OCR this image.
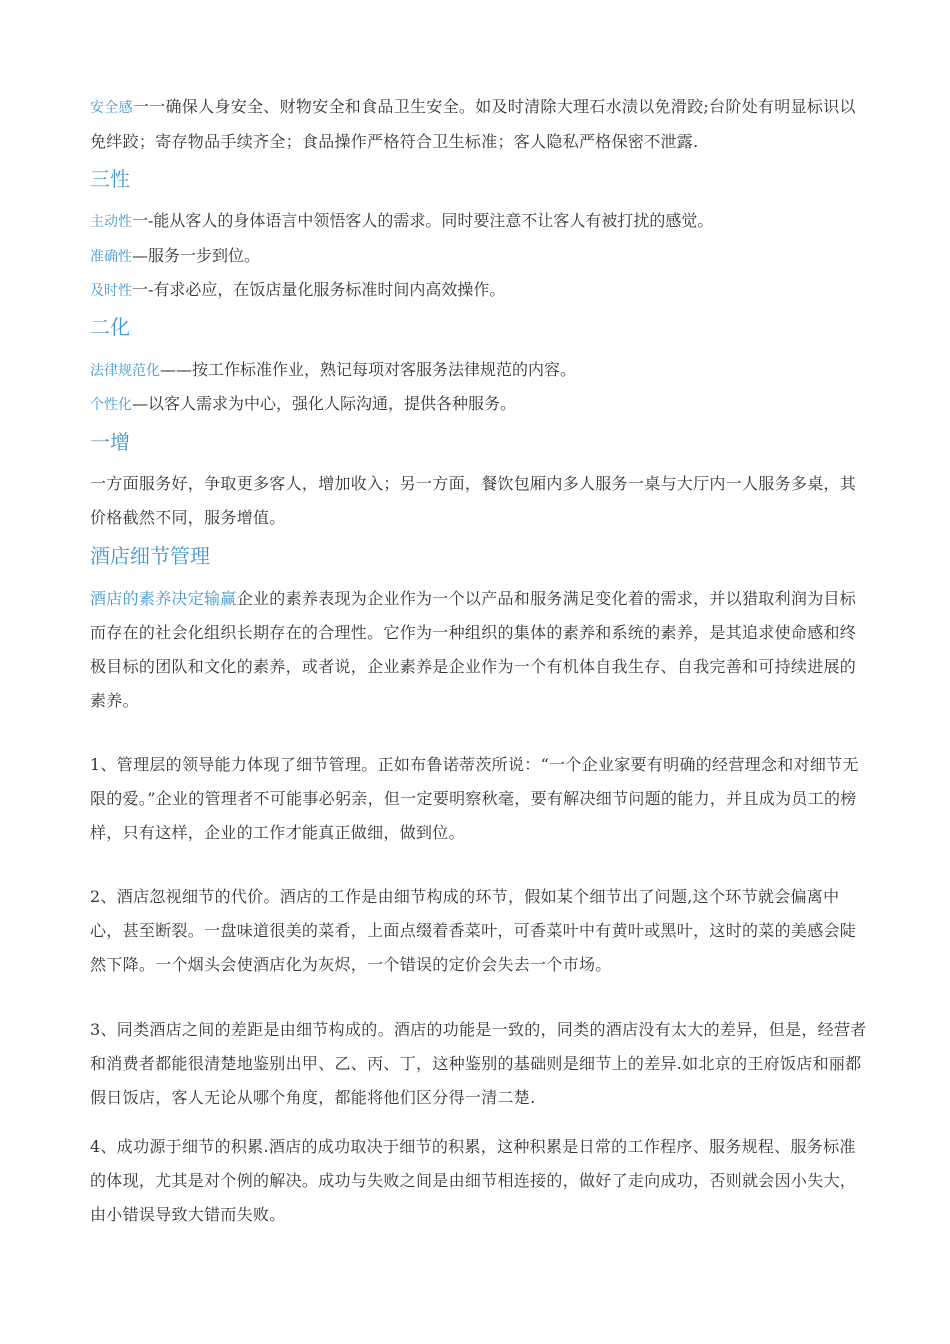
安全感一一确保人身安全、财物安全和食品卫生安全。如及时清除大理石水渍以免滑跤;台阶处有明显标识以免绊跤；寄存物品手续齐全；食品操作严格符合卫生标准；客人隐私严格保密不泄露.
三性
主动性一-能从客人的身体语言中领悟客人的需求。同时要注意不让客人有被打扰的感觉。
准确性—服务一步到位。
及时性一-有求必应，在饭店量化服务标准时间内高效操作。
二化
法律规范化——按工作标准作业，熟记每项对客服务法律规范的内容。
个性化—以客人需求为中心，强化人际沟通，提供各种服务。
一增
一方面服务好，争取更多客人，增加收入；另一方面，餐饮包厢内多人服务一桌与大厅内一人服务多桌，其价格截然不同，服务增值。
酒店细节管理
酒店的素养决定输赢企业的素养表现为企业作为一个以产品和服务满足变化着的需求，并以猎取利润为目标而存在的社会化组织长期存在的合理性。它作为一种组织的集体的素养和系统的素养，是其追求使命感和终极目标的团队和文化的素养，或者说，企业素养是企业作为一个有机体自我生存、自我完善和可持续进展的素养。
1、管理层的领导能力体现了细节管理。正如布鲁诺蒂茨所说：“一个企业家要有明确的经营理念和对细节无限的爱。”企业的管理者不可能事必躬亲，但一定要明察秋毫，要有解决细节问题的能力，并且成为员工的榜样，只有这样，企业的工作才能真正做细，做到位。
2、酒店忽视细节的代价。酒店的工作是由细节构成的环节，假如某个细节出了问题,这个环节就会偏离中心，甚至断裂。一盘味道很美的菜肴，上面点缀着香菜叶，可香菜叶中有黄叶或黑叶，这时的菜的美感会陡然下降。一个烟头会使酒店化为灰烬，一个错误的定价会失去一个市场。
3、同类酒店之间的差距是由细节构成的。酒店的功能是一致的，同类的酒店没有太大的差异，但是，经营者和消费者都能很清楚地鉴别出甲、乙、丙、丁，这种鉴别的基础则是细节上的差异.如北京的王府饭店和丽都假日饭店，客人无论从哪个角度，都能将他们区分得一清二楚.
4、成功源于细节的积累.酒店的成功取决于细节的积累，这种积累是日常的工作程序、服务规程、服务标准的体现，尤其是对个例的解决。成功与失败之间是由细节相连接的，做好了走向成功，否则就会因小失大，由小错误导致大错而失败。
